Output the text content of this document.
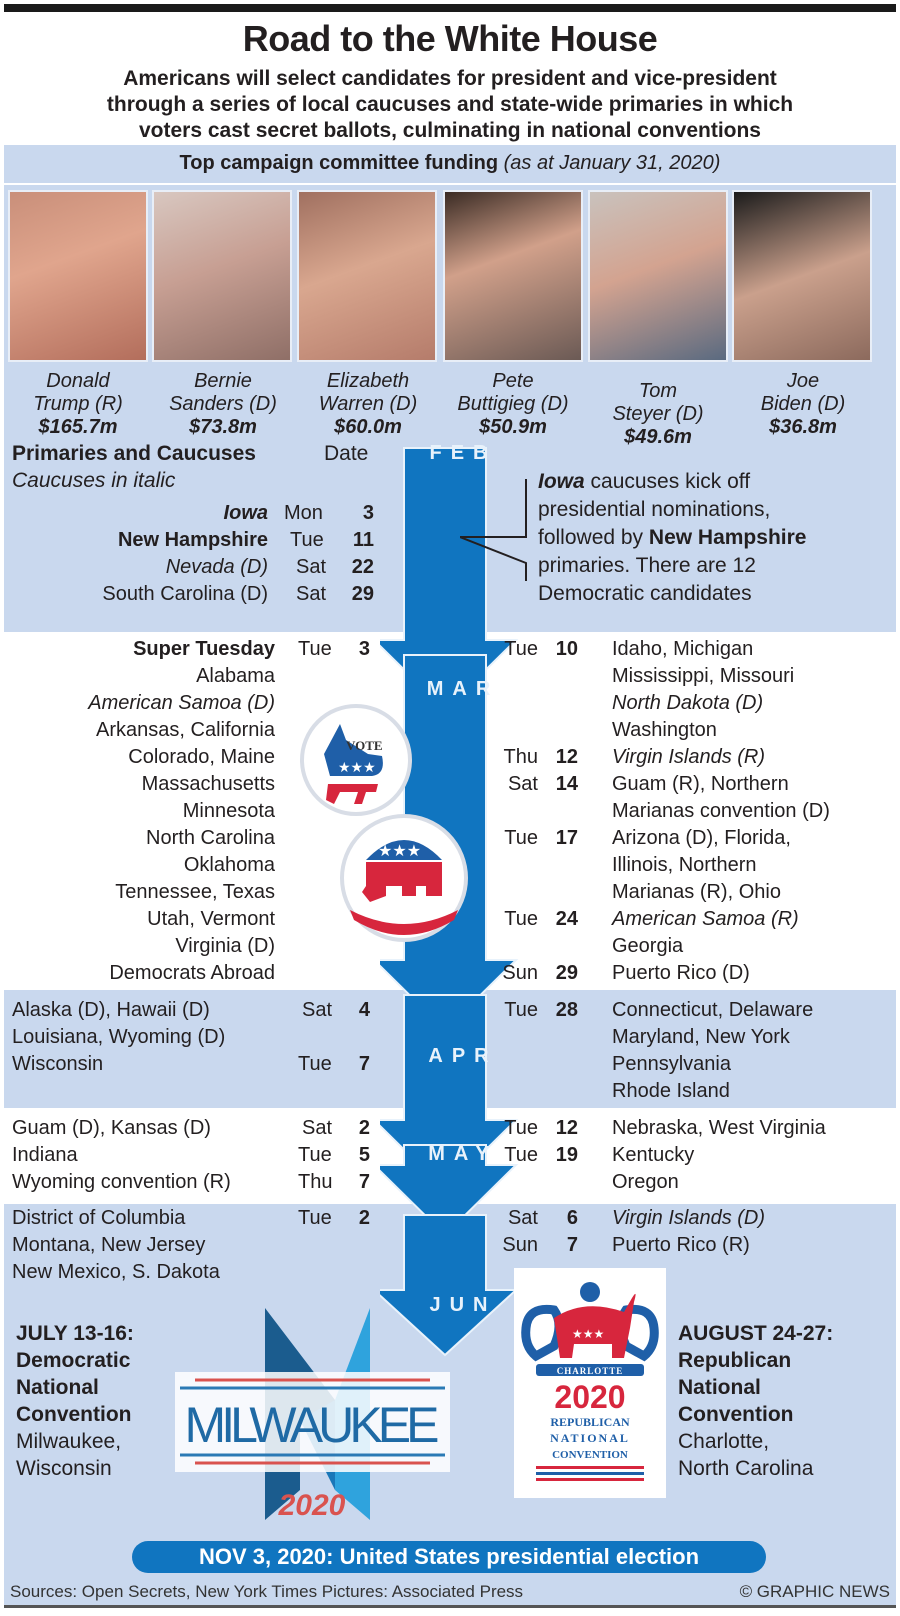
Road to the White House
Americans will select candidates for president and vice-president
through a series of local caucuses and state-wide primaries in which
voters cast secret ballots, culminating in national conventions
Top campaign committee funding (as at January 31, 2020)
Donald
Trump (R)
$165.7m
Bernie
Sanders (D)
$73.8m
Elizabeth
Warren (D)
$60.0m
Pete
Buttigieg (D)
$50.9m
Tom
Steyer (D)
$49.6m
Joe
Biden (D)
$36.8m
FEB
MAR
APR
MAY
JUN
VOTE
★★★
★★★
Primaries and Caucuses	Date
Caucuses in italic
Iowa Mon	3
New Hampshire Tue	11
Nevada (D) Sat	22
South Carolina (D) Sat	29
Iowa caucuses kick off
presidential nominations,
followed by New Hampshire
primaries. There are 12
Democratic candidates
Super Tuesday Tue	3
Alabama
American Samoa (D)
Arkansas, California
Colorado, Maine
Massachusetts
Minnesota
North Carolina
Oklahoma
Tennessee, Texas
Utah, Vermont
Virginia (D)
Democrats Abroad
Tue 10 Idaho, Michigan
Mississippi, Missouri
North Dakota (D)
Washington
Thu 12 Virgin Islands (R)
Sat 14 Guam (R), Northern
Marianas convention (D)
Tue 17 Arizona (D), Florida,
Illinois, Northern
Marianas (R), Ohio
Tue 24 American Samoa (R)
Georgia
Sun 29 Puerto Rico (D)
Alaska (D), Hawaii (D)	Sat	4
Louisiana, Wyoming (D)
Wisconsin	Tue	7
Tue 28 Connecticut, Delaware
Maryland, New York
Pennsylvania
Rhode Island
Guam (D), Kansas (D)	Sat	2
Indiana	Tue	5
Wyoming convention (R)	Thu	7
Tue 12 Nebraska, West Virginia
Tue 19 Kentucky
Oregon
District of Columbia	Tue	2
Montana, New Jersey
New Mexico, S. Dakota
Sat	6 Virgin Islands (D)
Sun	7 Puerto Rico (R)
JULY 13-16:
Democratic
National
Convention
Milwaukee,
Wisconsin
MILWAUKEE
2020
★★★
CHARLOTTE
2020
REPUBLICAN
NATIONAL
CONVENTION
AUGUST 24-27:
Republican
National
Convention
Charlotte,
North Carolina
NOV 3, 2020: United States presidential election
Sources: Open Secrets, New York Times Pictures: Associated Press	© GRAPHIC NEWS
